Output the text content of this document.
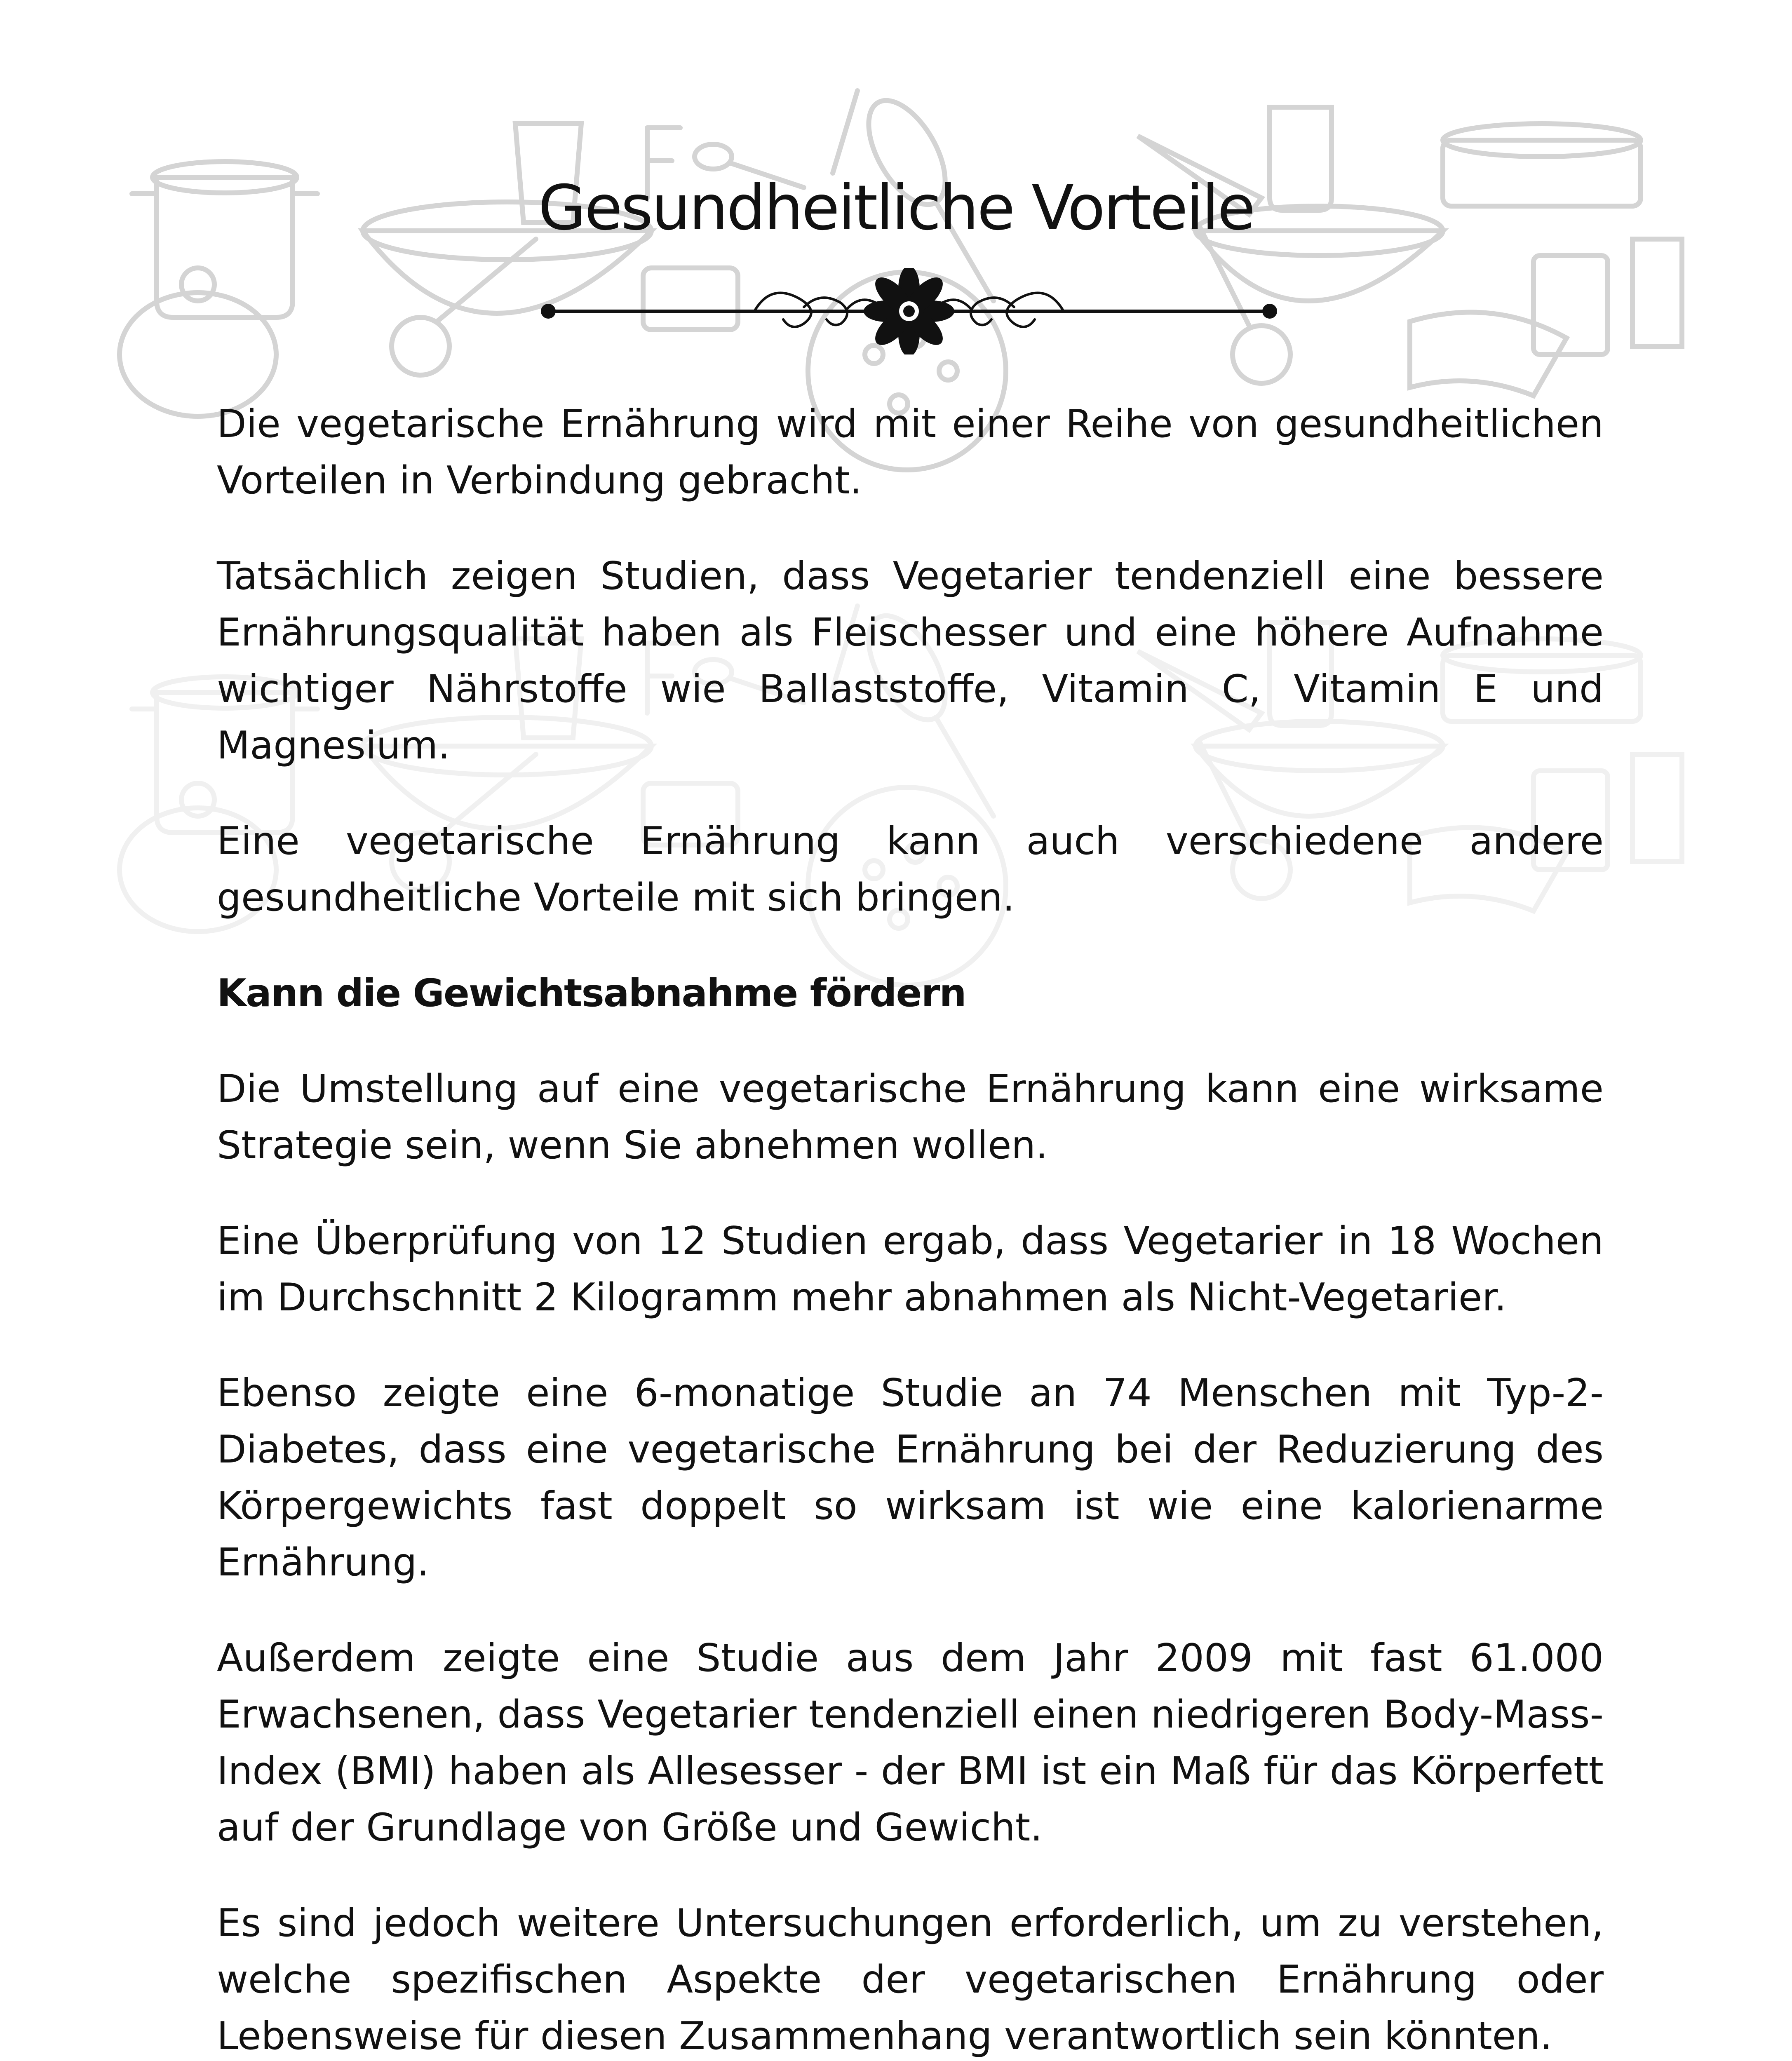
Gesundheitliche Vorteile

Die vegetarische Ernährung wird mit einer Reihe von gesundheitlichen Vorteilen in Verbindung gebracht.

Tatsächlich zeigen Studien, dass Vegetarier tendenziell eine bessere Ernährungsqualität haben als Fleischesser und eine höhere Aufnahme wichtiger Nährstoffe wie Ballaststoffe, Vitamin C, Vitamin E und Magnesium.

Eine vegetarische Ernährung kann auch verschiedene andere gesundheitliche Vorteile mit sich bringen.

Kann die Gewichtsabnahme fördern

Die Umstellung auf eine vegetarische Ernährung kann eine wirksame Strategie sein, wenn Sie abnehmen wollen.

Eine Überprüfung von 12 Studien ergab, dass Vegetarier in 18 Wochen im Durchschnitt 2 Kilogramm mehr abnahmen als Nicht-Vegetarier.

Ebenso zeigte eine 6-monatige Studie an 74 Menschen mit Typ-2-Diabetes, dass eine vegetarische Ernährung bei der Reduzierung des Körpergewichts fast doppelt so wirksam ist wie eine kalorienarme Ernährung.

Außerdem zeigte eine Studie aus dem Jahr 2009 mit fast 61.000 Erwachsenen, dass Vegetarier tendenziell einen niedrigeren Body-Mass-Index (BMI) haben als Allesesser - der BMI ist ein Maß für das Körperfett auf der Grundlage von Größe und Gewicht.

Es sind jedoch weitere Untersuchungen erforderlich, um zu verstehen, welche spezifischen Aspekte der vegetarischen Ernährung oder Lebensweise für diesen Zusammenhang verantwortlich sein könnten.
